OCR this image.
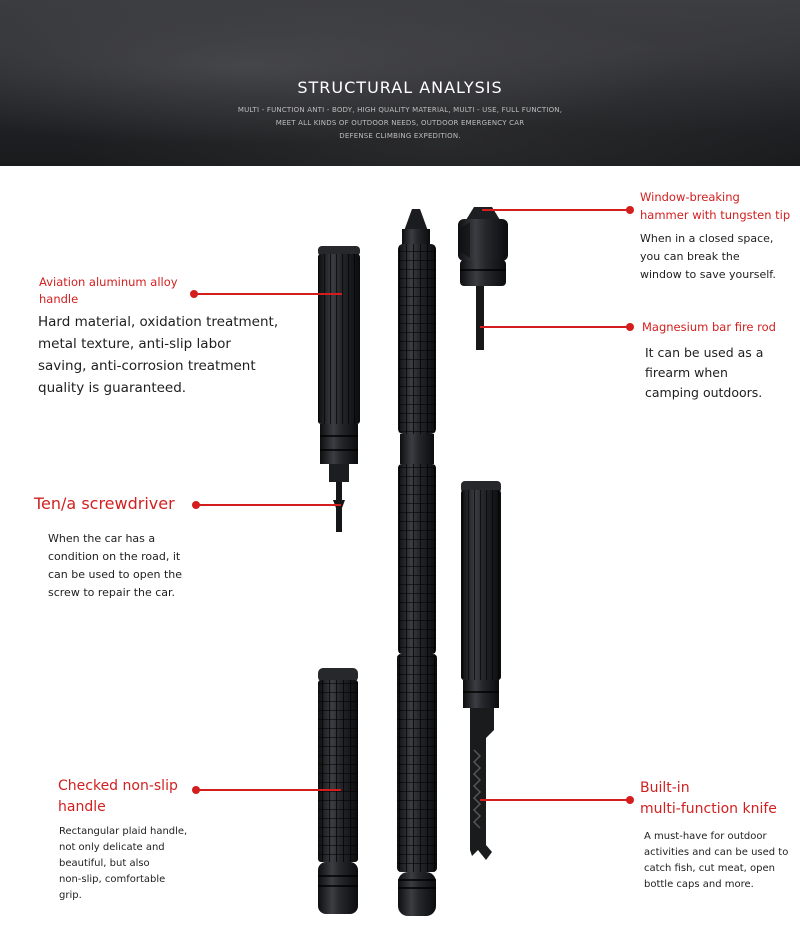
STRUCTURAL ANALYSIS
MULTI - FUNCTION ANTI - BODY, HIGH QUALITY MATERIAL, MULTI - USE, FULL FUNCTION,
MEET ALL KINDS OF OUTDOOR NEEDS, OUTDOOR EMERGENCY CAR
DEFENSE CLIMBING EXPEDITION.
Aviation aluminum alloy
handle
Hard material, oxidation treatment,
metal texture, anti-slip labor
saving, anti-corrosion treatment
quality is guaranteed.
Ten/a screwdriver
When the car has a
condition on the road, it
can be used to open the
screw to repair the car.
Checked non-slip
handle
Rectangular plaid handle,
not only delicate and
beautiful, but also
non-slip, comfortable
grip.
Window-breaking
hammer with tungsten tip
When in a closed space,
you can break the
window to save yourself.
Magnesium bar fire rod
It can be used as a
firearm when
camping outdoors.
Built-in
multi-function knife
A must-have for outdoor
activities and can be used to
catch fish, cut meat, open
bottle caps and more.
